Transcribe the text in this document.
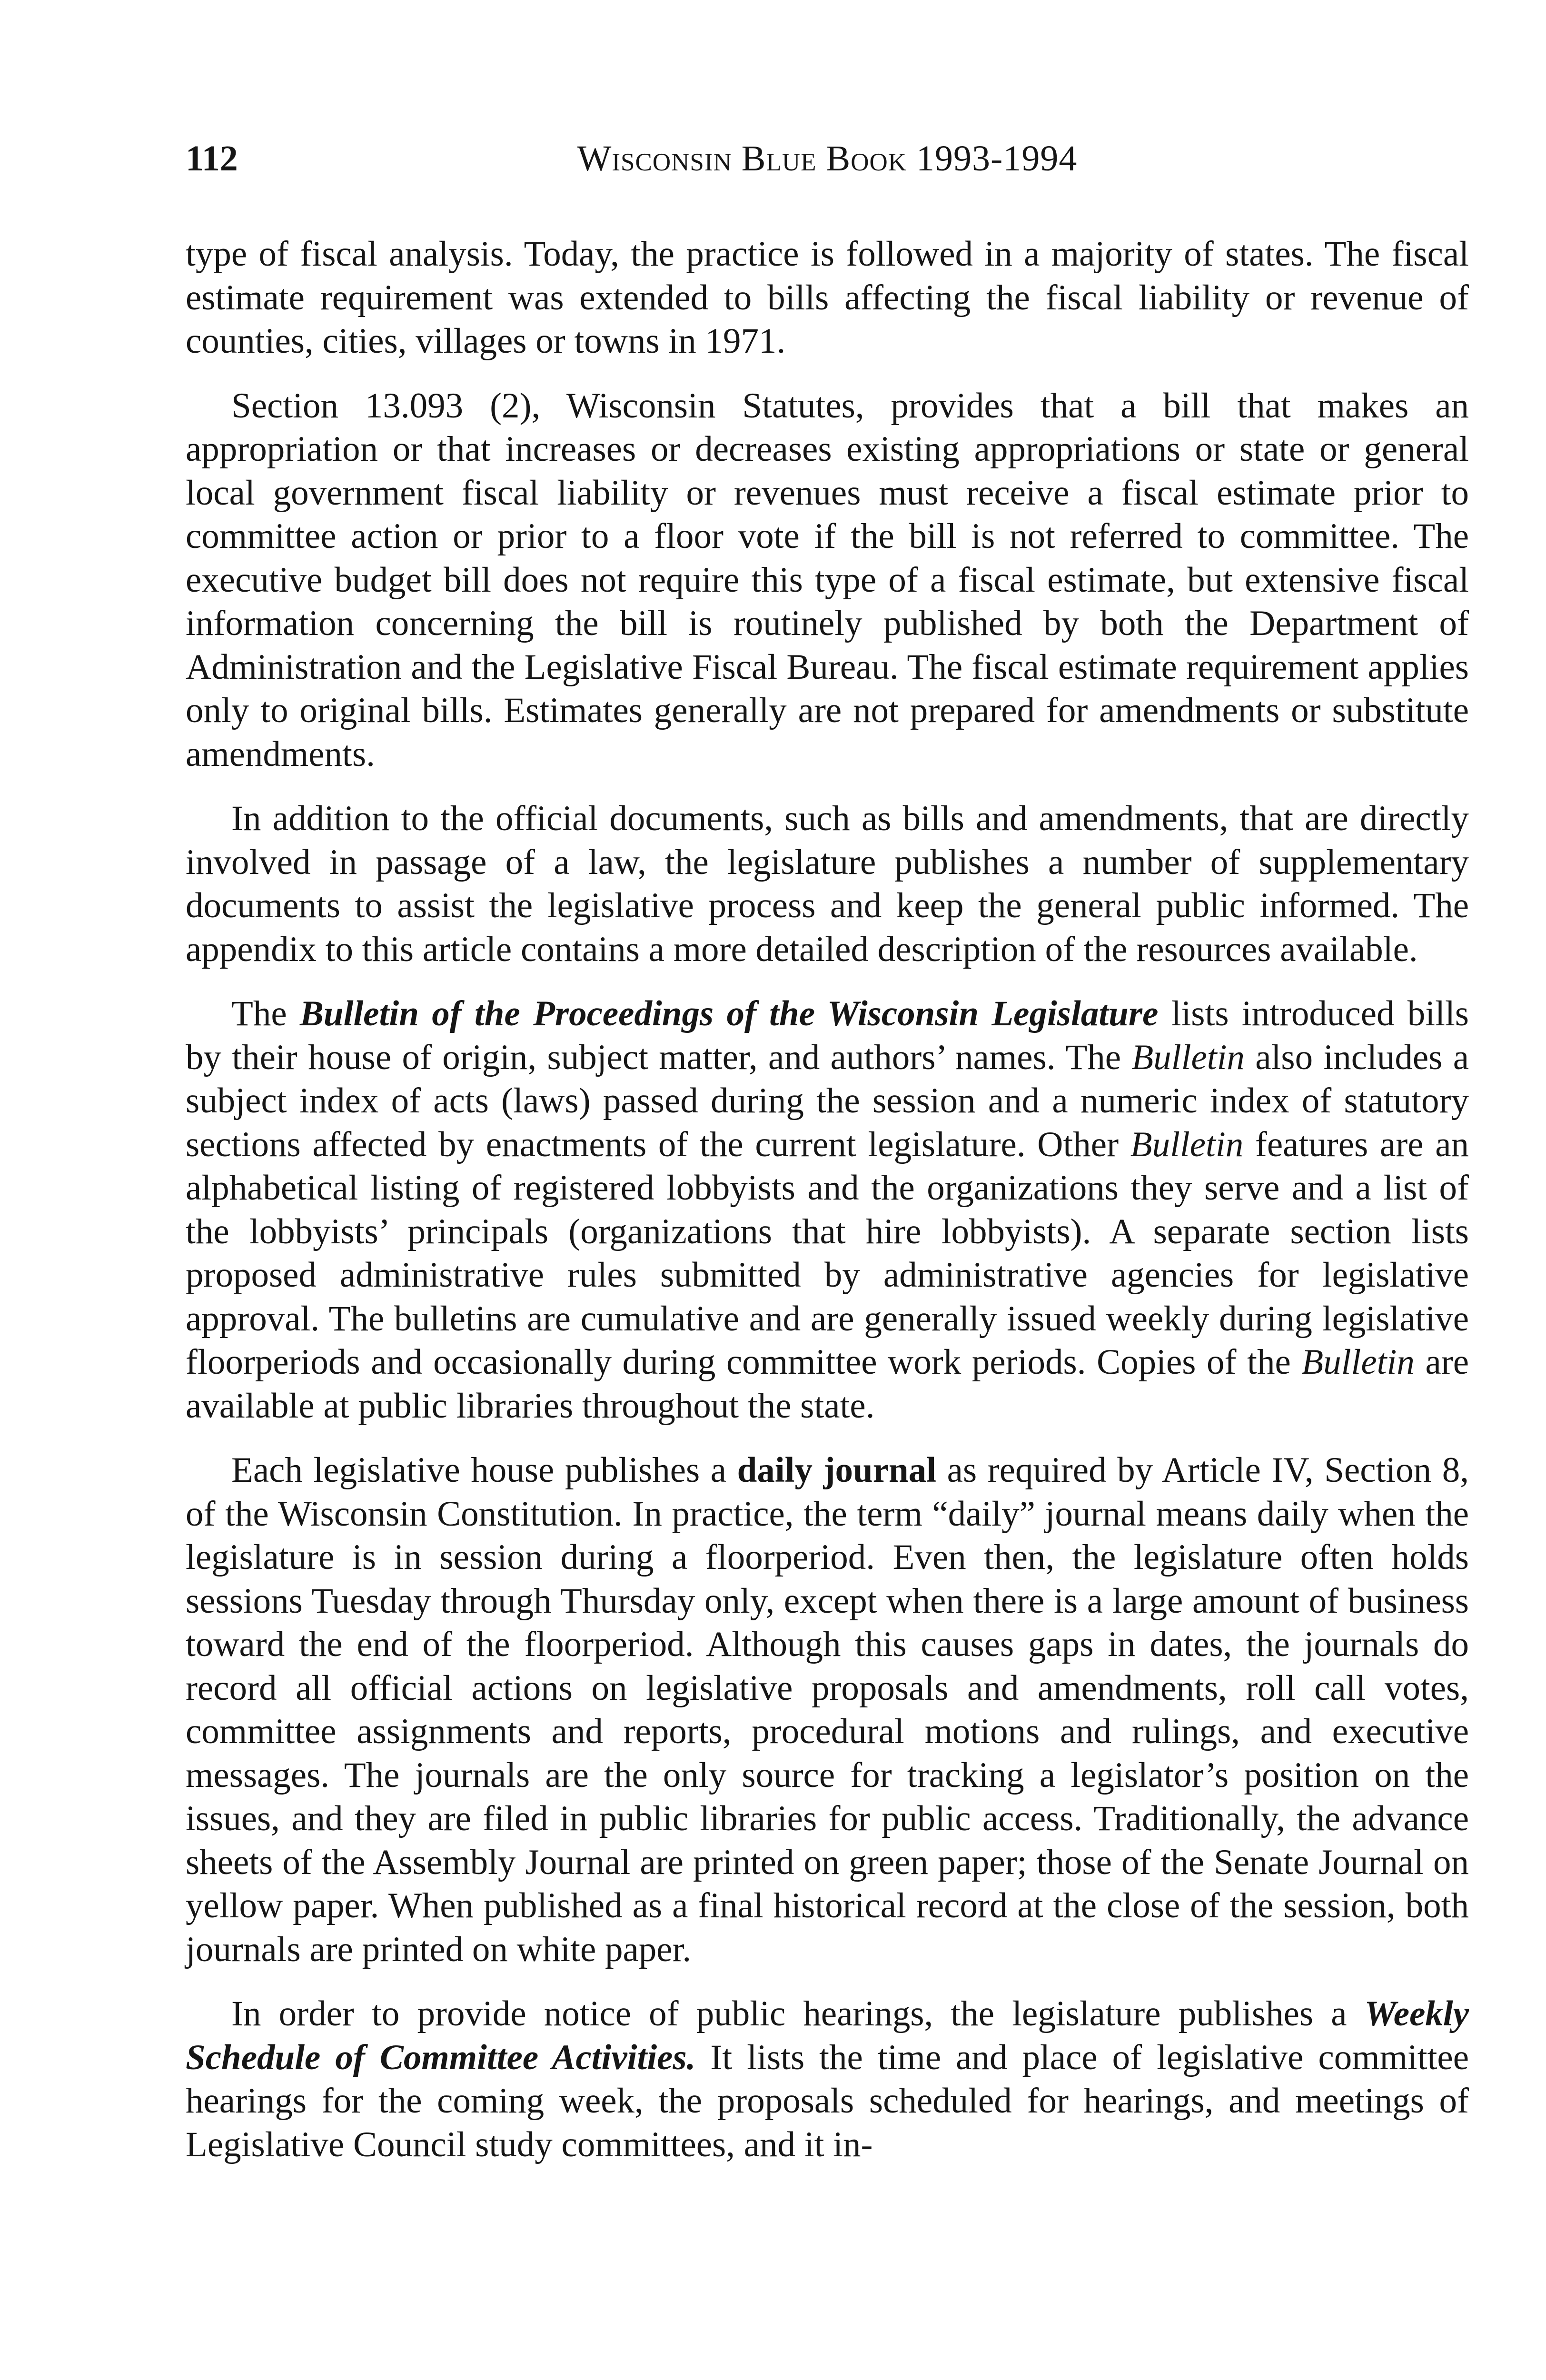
112	Wisconsin Blue Book 1993-1994

type of fiscal analysis. Today, the practice is followed in a majority of states. The fiscal estimate requirement was extended to bills affecting the fiscal liability or revenue of counties, cities, villages or towns in 1971.

Section 13.093 (2), Wisconsin Statutes, provides that a bill that makes an appropriation or that increases or decreases existing appropriations or state or general local government fiscal liability or revenues must receive a fiscal estimate prior to committee action or prior to a floor vote if the bill is not referred to committee. The executive budget bill does not require this type of a fiscal estimate, but extensive fiscal information concerning the bill is routinely published by both the Department of Administration and the Legislative Fiscal Bureau. The fiscal estimate requirement applies only to original bills. Estimates generally are not prepared for amendments or substitute amendments.

In addition to the official documents, such as bills and amendments, that are directly involved in passage of a law, the legislature publishes a number of supplementary documents to assist the legislative process and keep the general public informed. The appendix to this article contains a more detailed description of the resources available.

The Bulletin of the Proceedings of the Wisconsin Legislature lists introduced bills by their house of origin, subject matter, and authors’ names. The Bulletin also includes a subject index of acts (laws) passed during the session and a numeric index of statutory sections affected by enactments of the current legislature. Other Bulletin features are an alphabetical listing of registered lobbyists and the organizations they serve and a list of the lobbyists’ principals (organizations that hire lobbyists). A separate section lists proposed administrative rules submitted by administrative agencies for legislative approval. The bulletins are cumulative and are generally issued weekly during legislative floorperiods and occasionally during committee work periods. Copies of the Bulletin are available at public libraries throughout the state.

Each legislative house publishes a daily journal as required by Article IV, Section 8, of the Wisconsin Constitution. In practice, the term “daily” journal means daily when the legislature is in session during a floorperiod. Even then, the legislature often holds sessions Tuesday through Thursday only, except when there is a large amount of business toward the end of the floorperiod. Although this causes gaps in dates, the journals do record all official actions on legislative proposals and amendments, roll call votes, committee assignments and reports, procedural motions and rulings, and executive messages. The journals are the only source for tracking a legislator’s position on the issues, and they are filed in public libraries for public access. Traditionally, the advance sheets of the Assembly Journal are printed on green paper; those of the Senate Journal on yellow paper. When published as a final historical record at the close of the session, both journals are printed on white paper.

In order to provide notice of public hearings, the legislature publishes a Weekly Schedule of Committee Activities. It lists the time and place of legislative committee hearings for the coming week, the proposals scheduled for hearings, and meetings of Legislative Council study committees, and it in-
